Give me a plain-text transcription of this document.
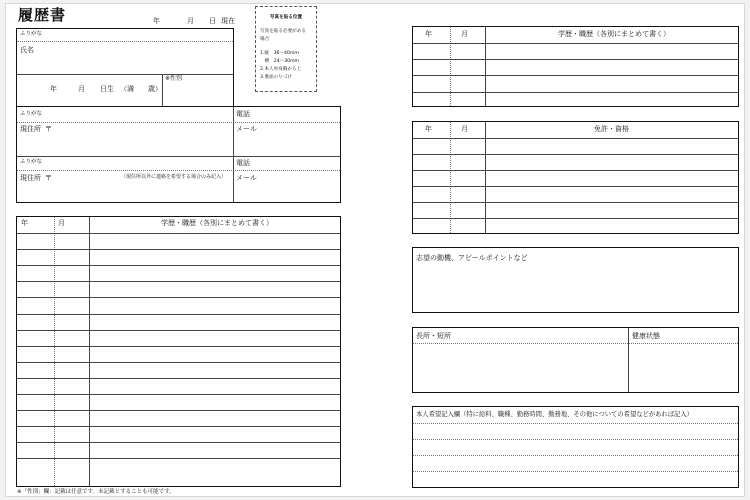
履歴書	年	月 日 現在	写真を貼る位置
写真を貼る必要がある
場合
1.縦　36〜40mm
　横　24〜30mm
2.本人単身胸から上
3.裏面のりづけ
ふりがな
氏名
年	月 日生 （満　　歳）
※性別
ふりがな
現住所 〒
電話
メール
ふりがな
現住所 〒	（現住所以外に連絡を希望する場合のみ記入）
電話
メール
年	月	学歴・職歴（各別にまとめて書く）
※「性別」欄：記載は任意です。未記載とすることも可能です。
年	月	学歴・職歴（各別にまとめて書く）
年	月	免許・資格
志望の動機、アピールポイントなど
長所・短所	健康状態
本人希望記入欄（特に給料、職種、勤務時間、勤務地、その他についての希望などがあれば記入）
